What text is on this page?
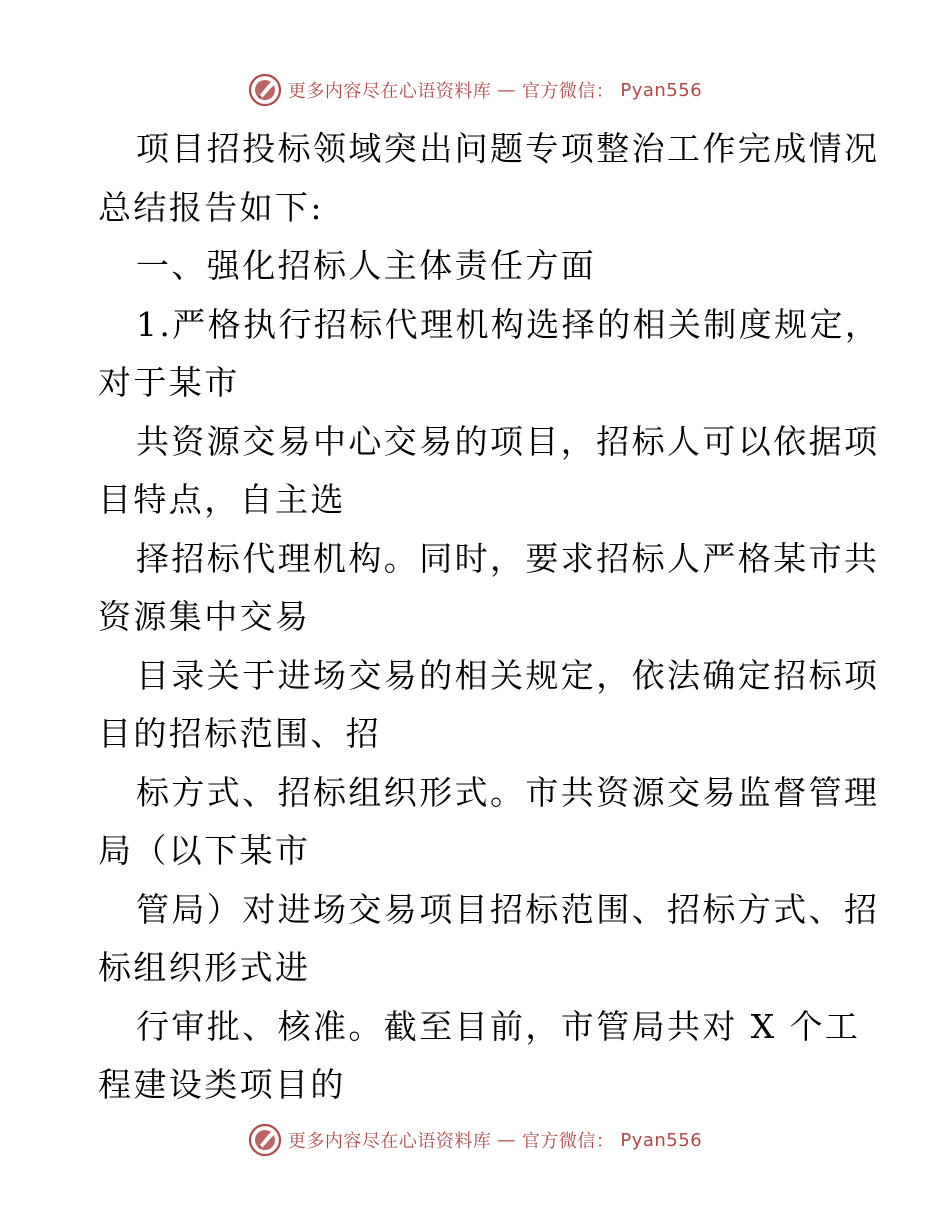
更多内容尽在心语资料库 — 官方微信： Pyan556
项目招投标领域突出问题专项整治工作完成情况
总结报告如下:
一、强化招标人主体责任方面
1.严格执行招标代理机构选择的相关制度规定，
对于某市
共资源交易中心交易的项目，招标人可以依据项
目特点，自主选
择招标代理机构。同时，要求招标人严格某市共
资源集中交易
目录关于进场交易的相关规定，依法确定招标项
目的招标范围、招
标方式、招标组织形式。市共资源交易监督管理
局（以下某市
管局）对进场交易项目招标范围、招标方式、招
标组织形式进
行审批、核准。截至目前，市管局共对 X 个工
程建设类项目的
更多内容尽在心语资料库 — 官方微信： Pyan556
